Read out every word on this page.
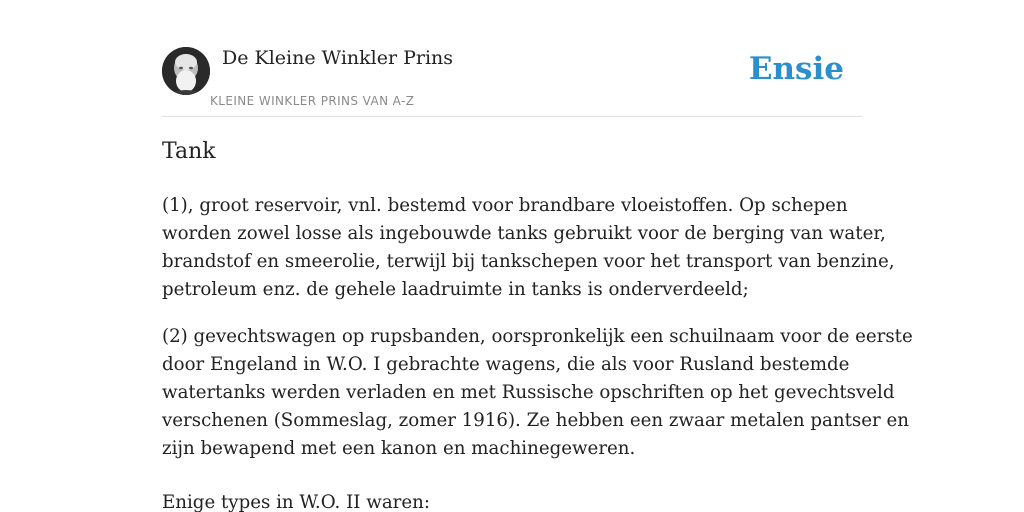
De Kleine Winkler Prins
KLEINE WINKLER PRINS VAN A-Z
Ensie
Tank

(1), groot reservoir, vnl. bestemd voor brandbare vloeistoffen. Op schepen
worden zowel losse als ingebouwde tanks gebruikt voor de berging van water,
brandstof en smeerolie, terwijl bij tankschepen voor het transport van benzine,
petroleum enz. de gehele laadruimte in tanks is onderverdeeld;

(2) gevechtswagen op rupsbanden, oorspronkelijk een schuilnaam voor de eerste
door Engeland in W.O. I gebrachte wagens, die als voor Rusland bestemde
watertanks werden verladen en met Russische opschriften op het gevechtsveld
verschenen (Sommeslag, zomer 1916). Ze hebben een zwaar metalen pantser en
zijn bewapend met een kanon en machinegeweren.

Enige types in W.O. II waren:
